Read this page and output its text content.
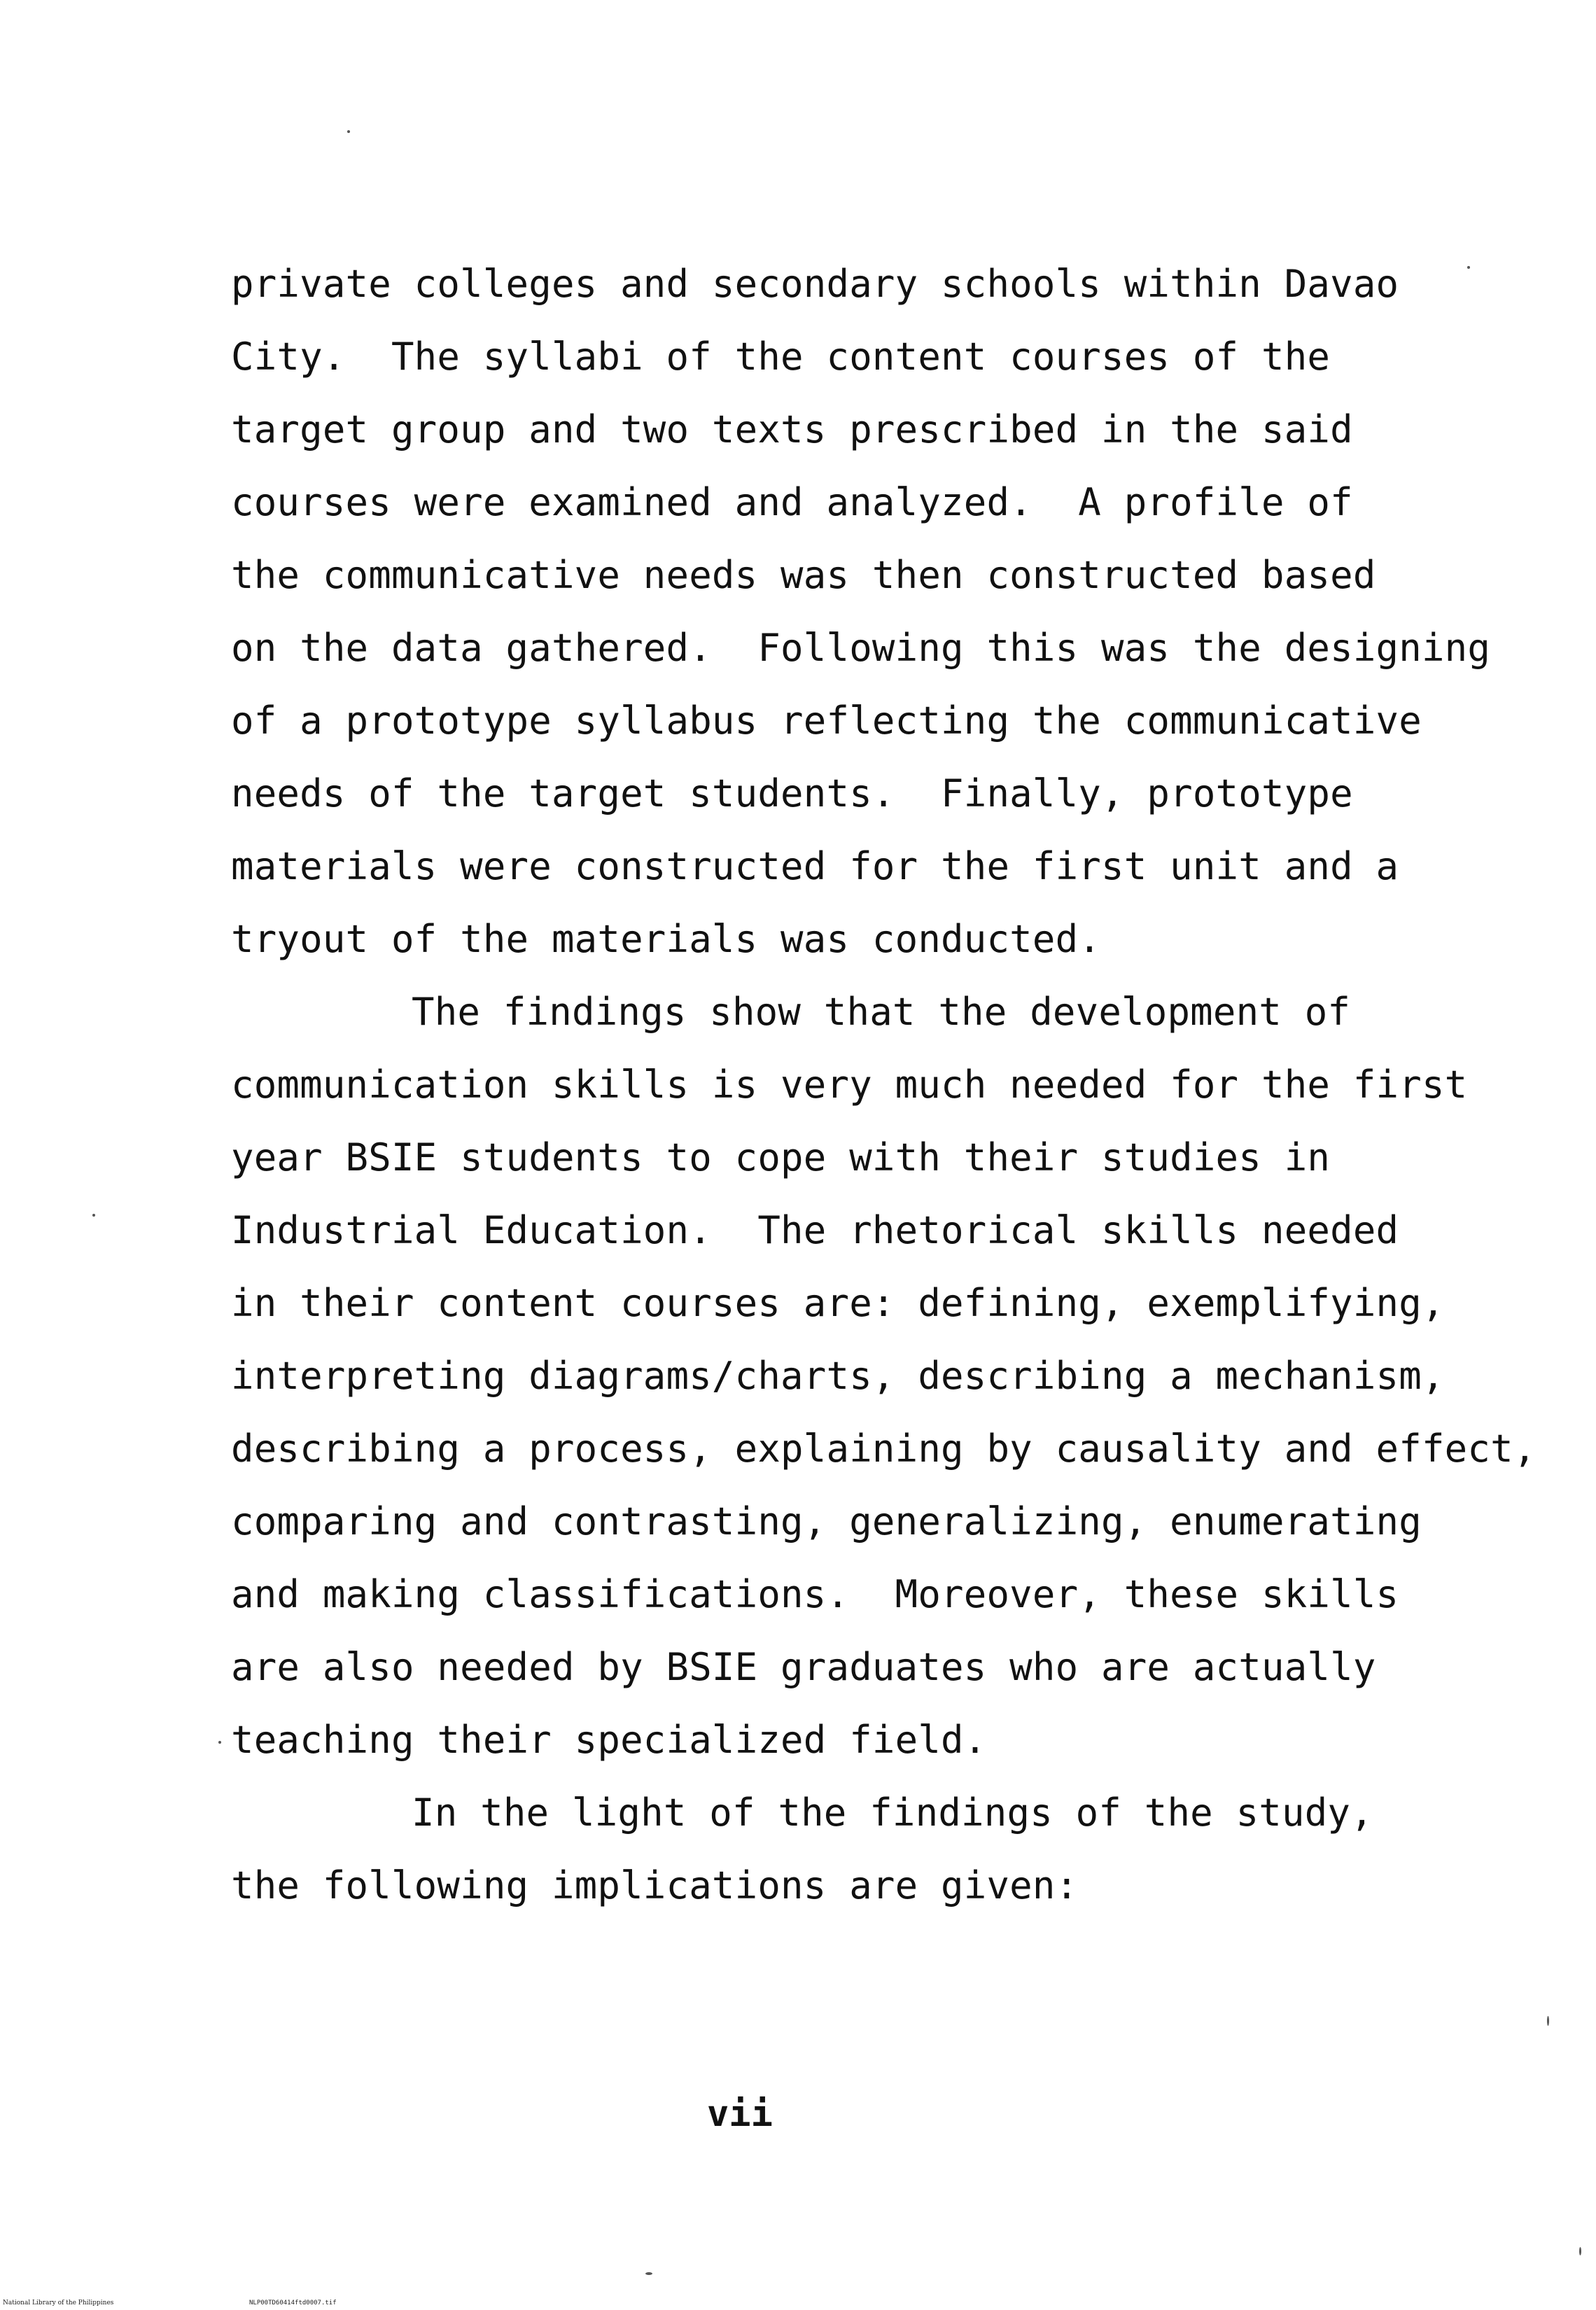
private colleges and secondary schools within Davao
City.  The syllabi of the content courses of the
target group and two texts prescribed in the said
courses were examined and analyzed.  A profile of
the communicative needs was then constructed based
on the data gathered.  Following this was the designing
of a prototype syllabus reflecting the communicative
needs of the target students.  Finally, prototype
materials were constructed for the first unit and a
tryout of the materials was conducted.
The findings show that the development of
communication skills is very much needed for the first
year BSIE students to cope with their studies in
Industrial Education.  The rhetorical skills needed
in their content courses are: defining, exemplifying,
interpreting diagrams/charts, describing a mechanism,
describing a process, explaining by causality and effect,
comparing and contrasting, generalizing, enumerating
and making classifications.  Moreover, these skills
are also needed by BSIE graduates who are actually
teaching their specialized field.
In the light of the findings of the study,
the following implications are given:
vii
National Library of the Philippines	NLP00TD60414ftd0007.tif
